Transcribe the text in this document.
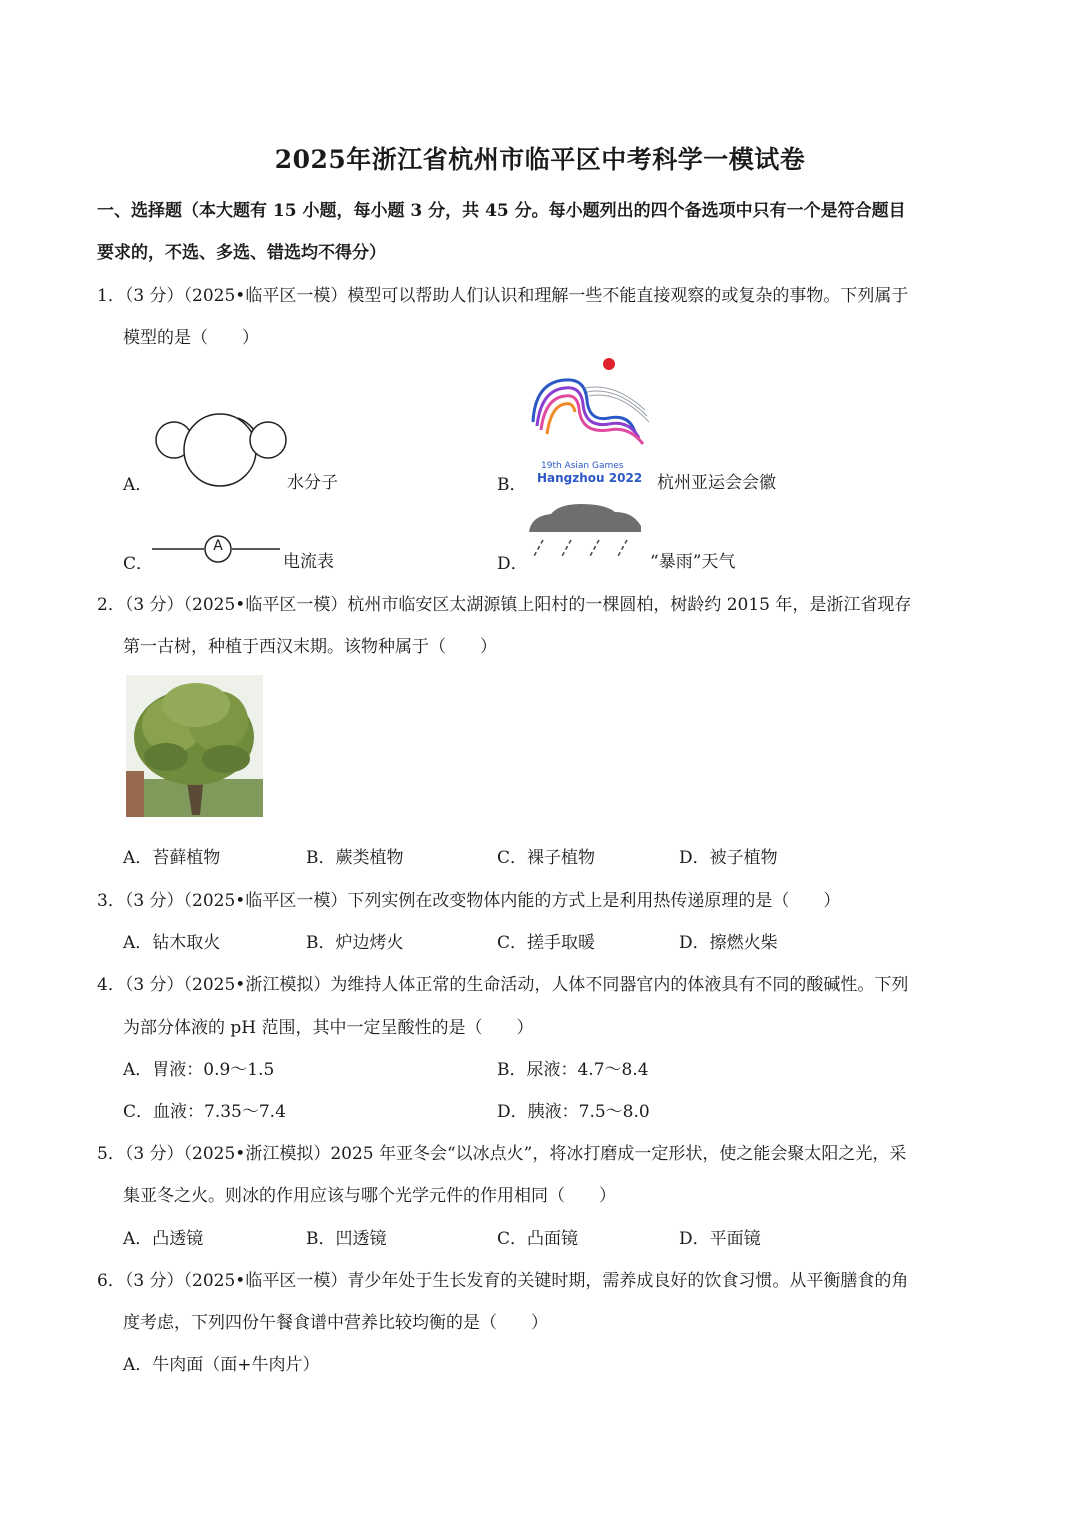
2025年浙江省杭州市临平区中考科学一模试卷
一、选择题（本大题有 15 小题，每小题 3 分，共 45 分。每小题列出的四个备选项中只有一个是符合题目
要求的，不选、多选、错选均不得分）
1．（3 分）（2025•临平区一模）模型可以帮助人们认识和理解一些不能直接观察的或复杂的事物。下列属于
模型的是（　　）
A．	水分子	B．
19th Asian Games
Hangzhou 2022 杭州亚运会会徽
C．
A
电流表	D．	“暴雨”天气
2．（3 分）（2025•临平区一模）杭州市临安区太湖源镇上阳村的一棵圆柏，树龄约 2015 年，是浙江省现存
第一古树，种植于西汉末期。该物种属于（　　）
A．苔藓植物	B．蕨类植物	C．裸子植物	D．被子植物
3．（3 分）（2025•临平区一模）下列实例在改变物体内能的方式上是利用热传递原理的是（　　）
A．钻木取火	B．炉边烤火	C．搓手取暖	D．擦燃火柴
4．（3 分）（2025•浙江模拟）为维持人体正常的生命活动，人体不同器官内的体液具有不同的酸碱性。下列
为部分体液的 pH 范围，其中一定呈酸性的是（　　）
A．胃液：0.9～1.5	B．尿液：4.7～8.4
C．血液：7.35～7.4	D．胰液：7.5～8.0
5．（3 分）（2025•浙江模拟）2025 年亚冬会“以冰点火”，将冰打磨成一定形状，使之能会聚太阳之光，采
集亚冬之火。则冰的作用应该与哪个光学元件的作用相同（　　）
A．凸透镜	B．凹透镜	C．凸面镜	D．平面镜
6．（3 分）（2025•临平区一模）青少年处于生长发育的关键时期，需养成良好的饮食习惯。从平衡膳食的角
度考虑，下列四份午餐食谱中营养比较均衡的是（　　）
A．牛肉面（面+牛肉片）
